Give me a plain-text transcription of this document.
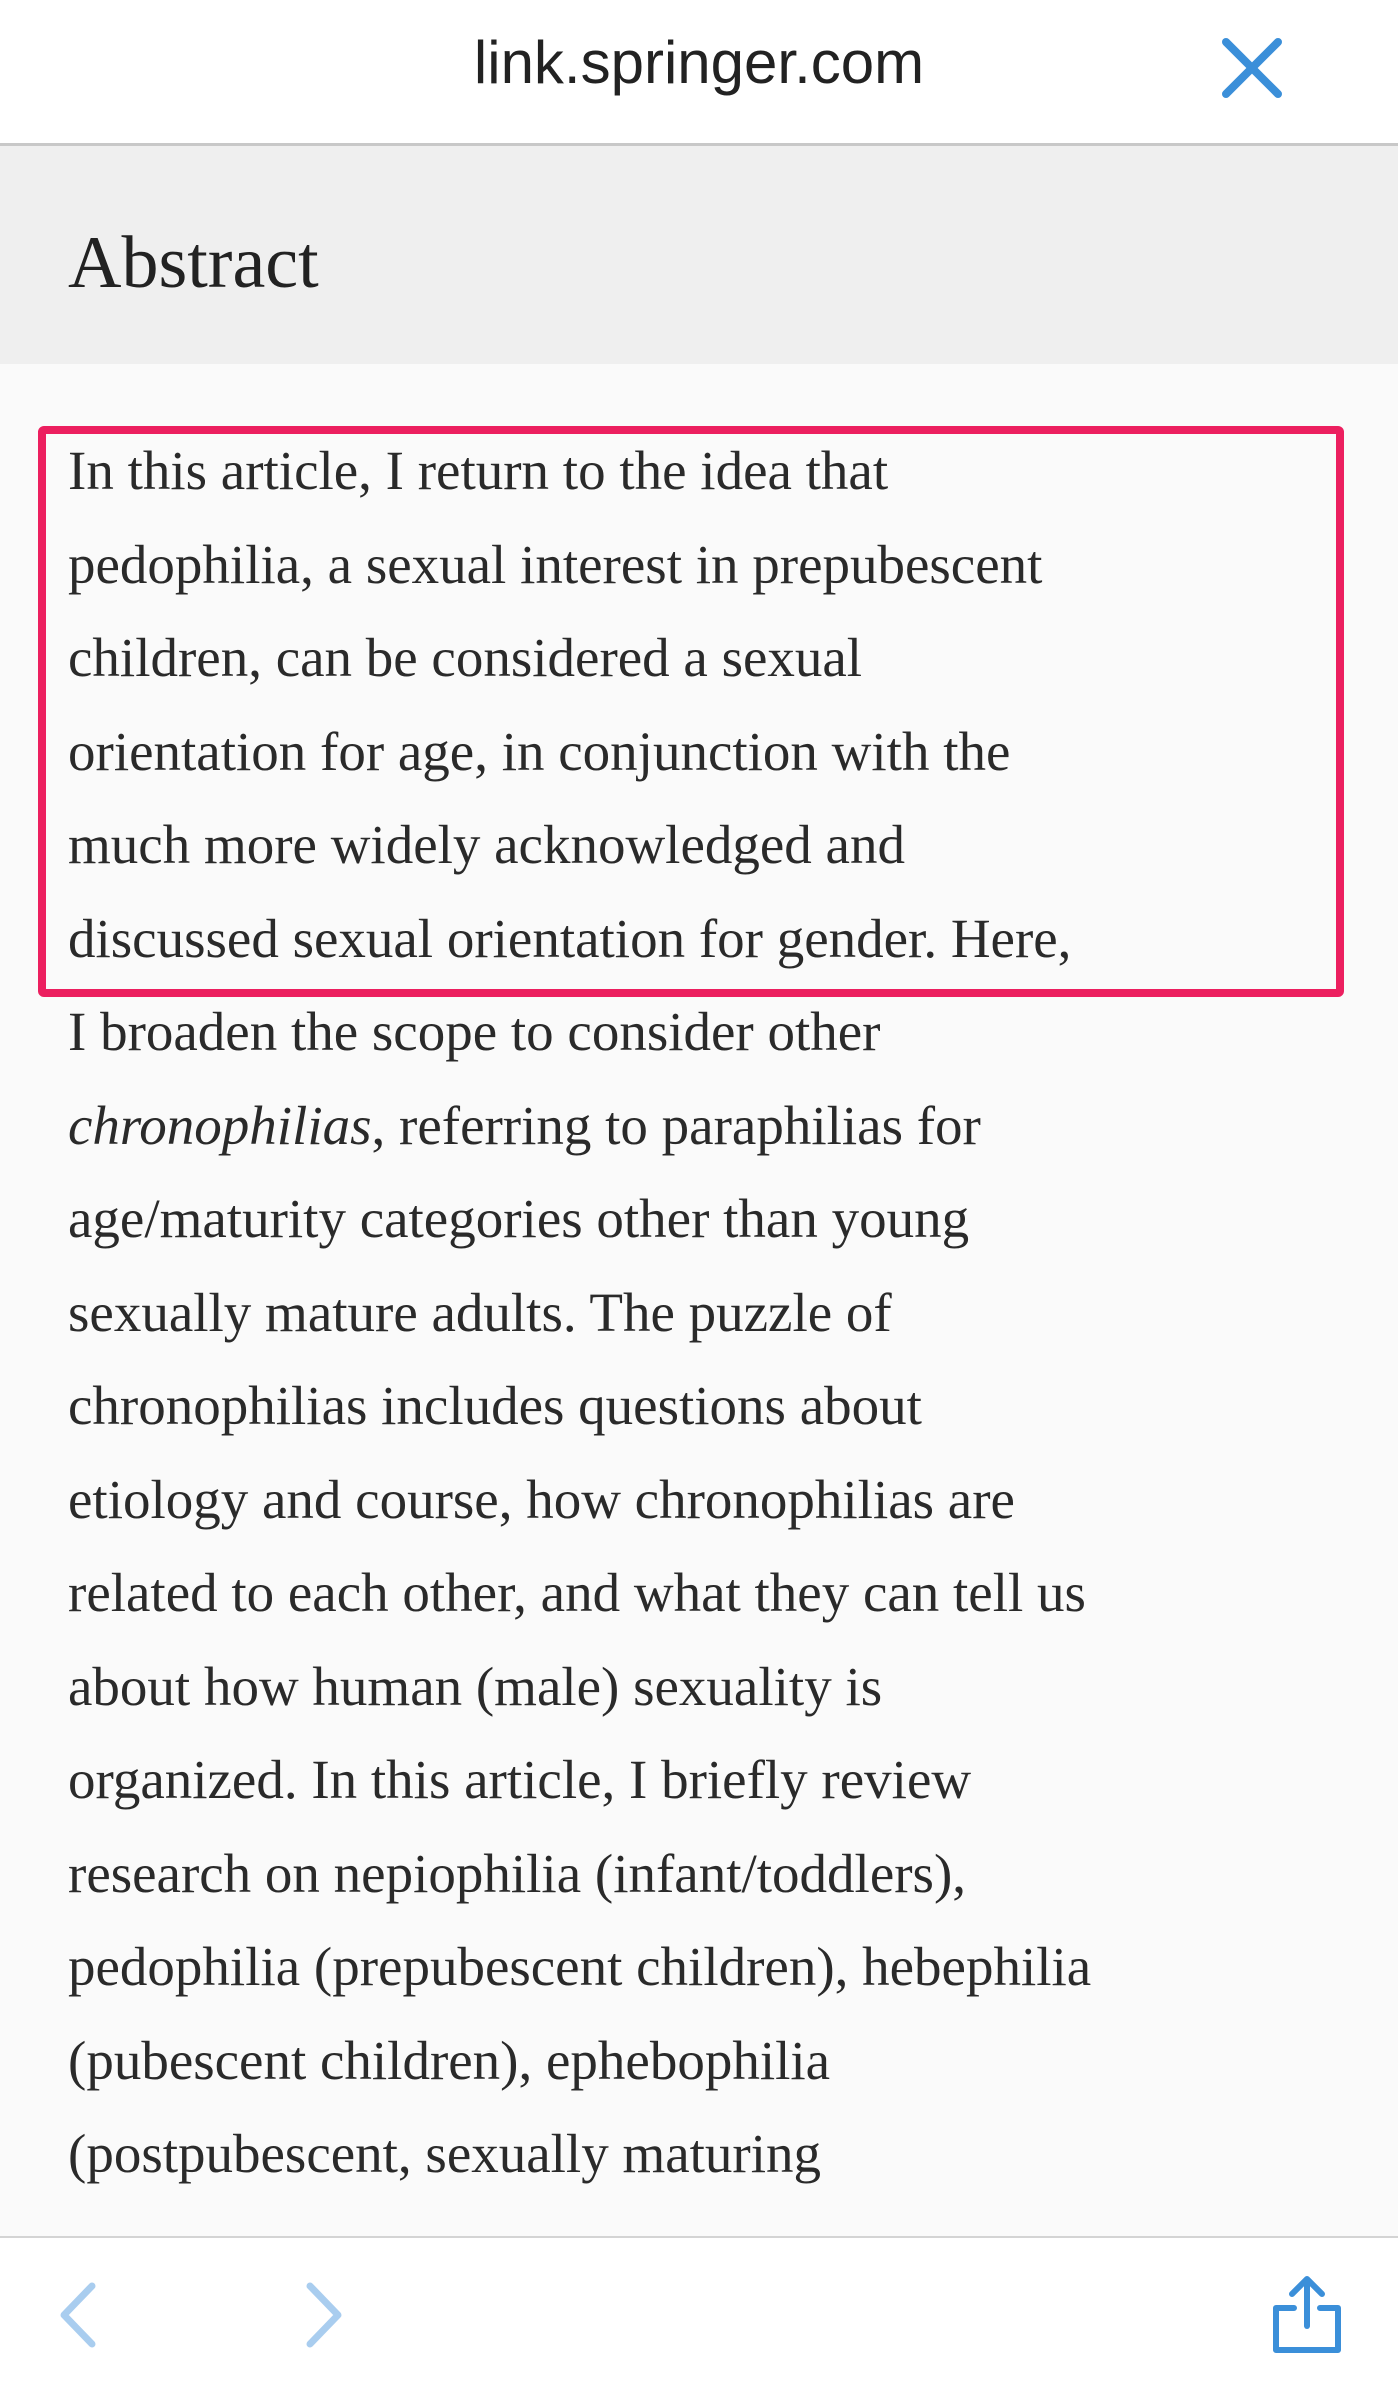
link.springer.com
Abstract
In this article, I return to the idea that
pedophilia, a sexual interest in prepubescent
children, can be considered a sexual
orientation for age, in conjunction with the
much more widely acknowledged and
discussed sexual orientation for gender. Here,
I broaden the scope to consider other
chronophilias, referring to paraphilias for
age/maturity categories other than young
sexually mature adults. The puzzle of
chronophilias includes questions about
etiology and course, how chronophilias are
related to each other, and what they can tell us
about how human (male) sexuality is
organized. In this article, I briefly review
research on nepiophilia (infant/toddlers),
pedophilia (prepubescent children), hebephilia
(pubescent children), ephebophilia
(postpubescent, sexually maturing
